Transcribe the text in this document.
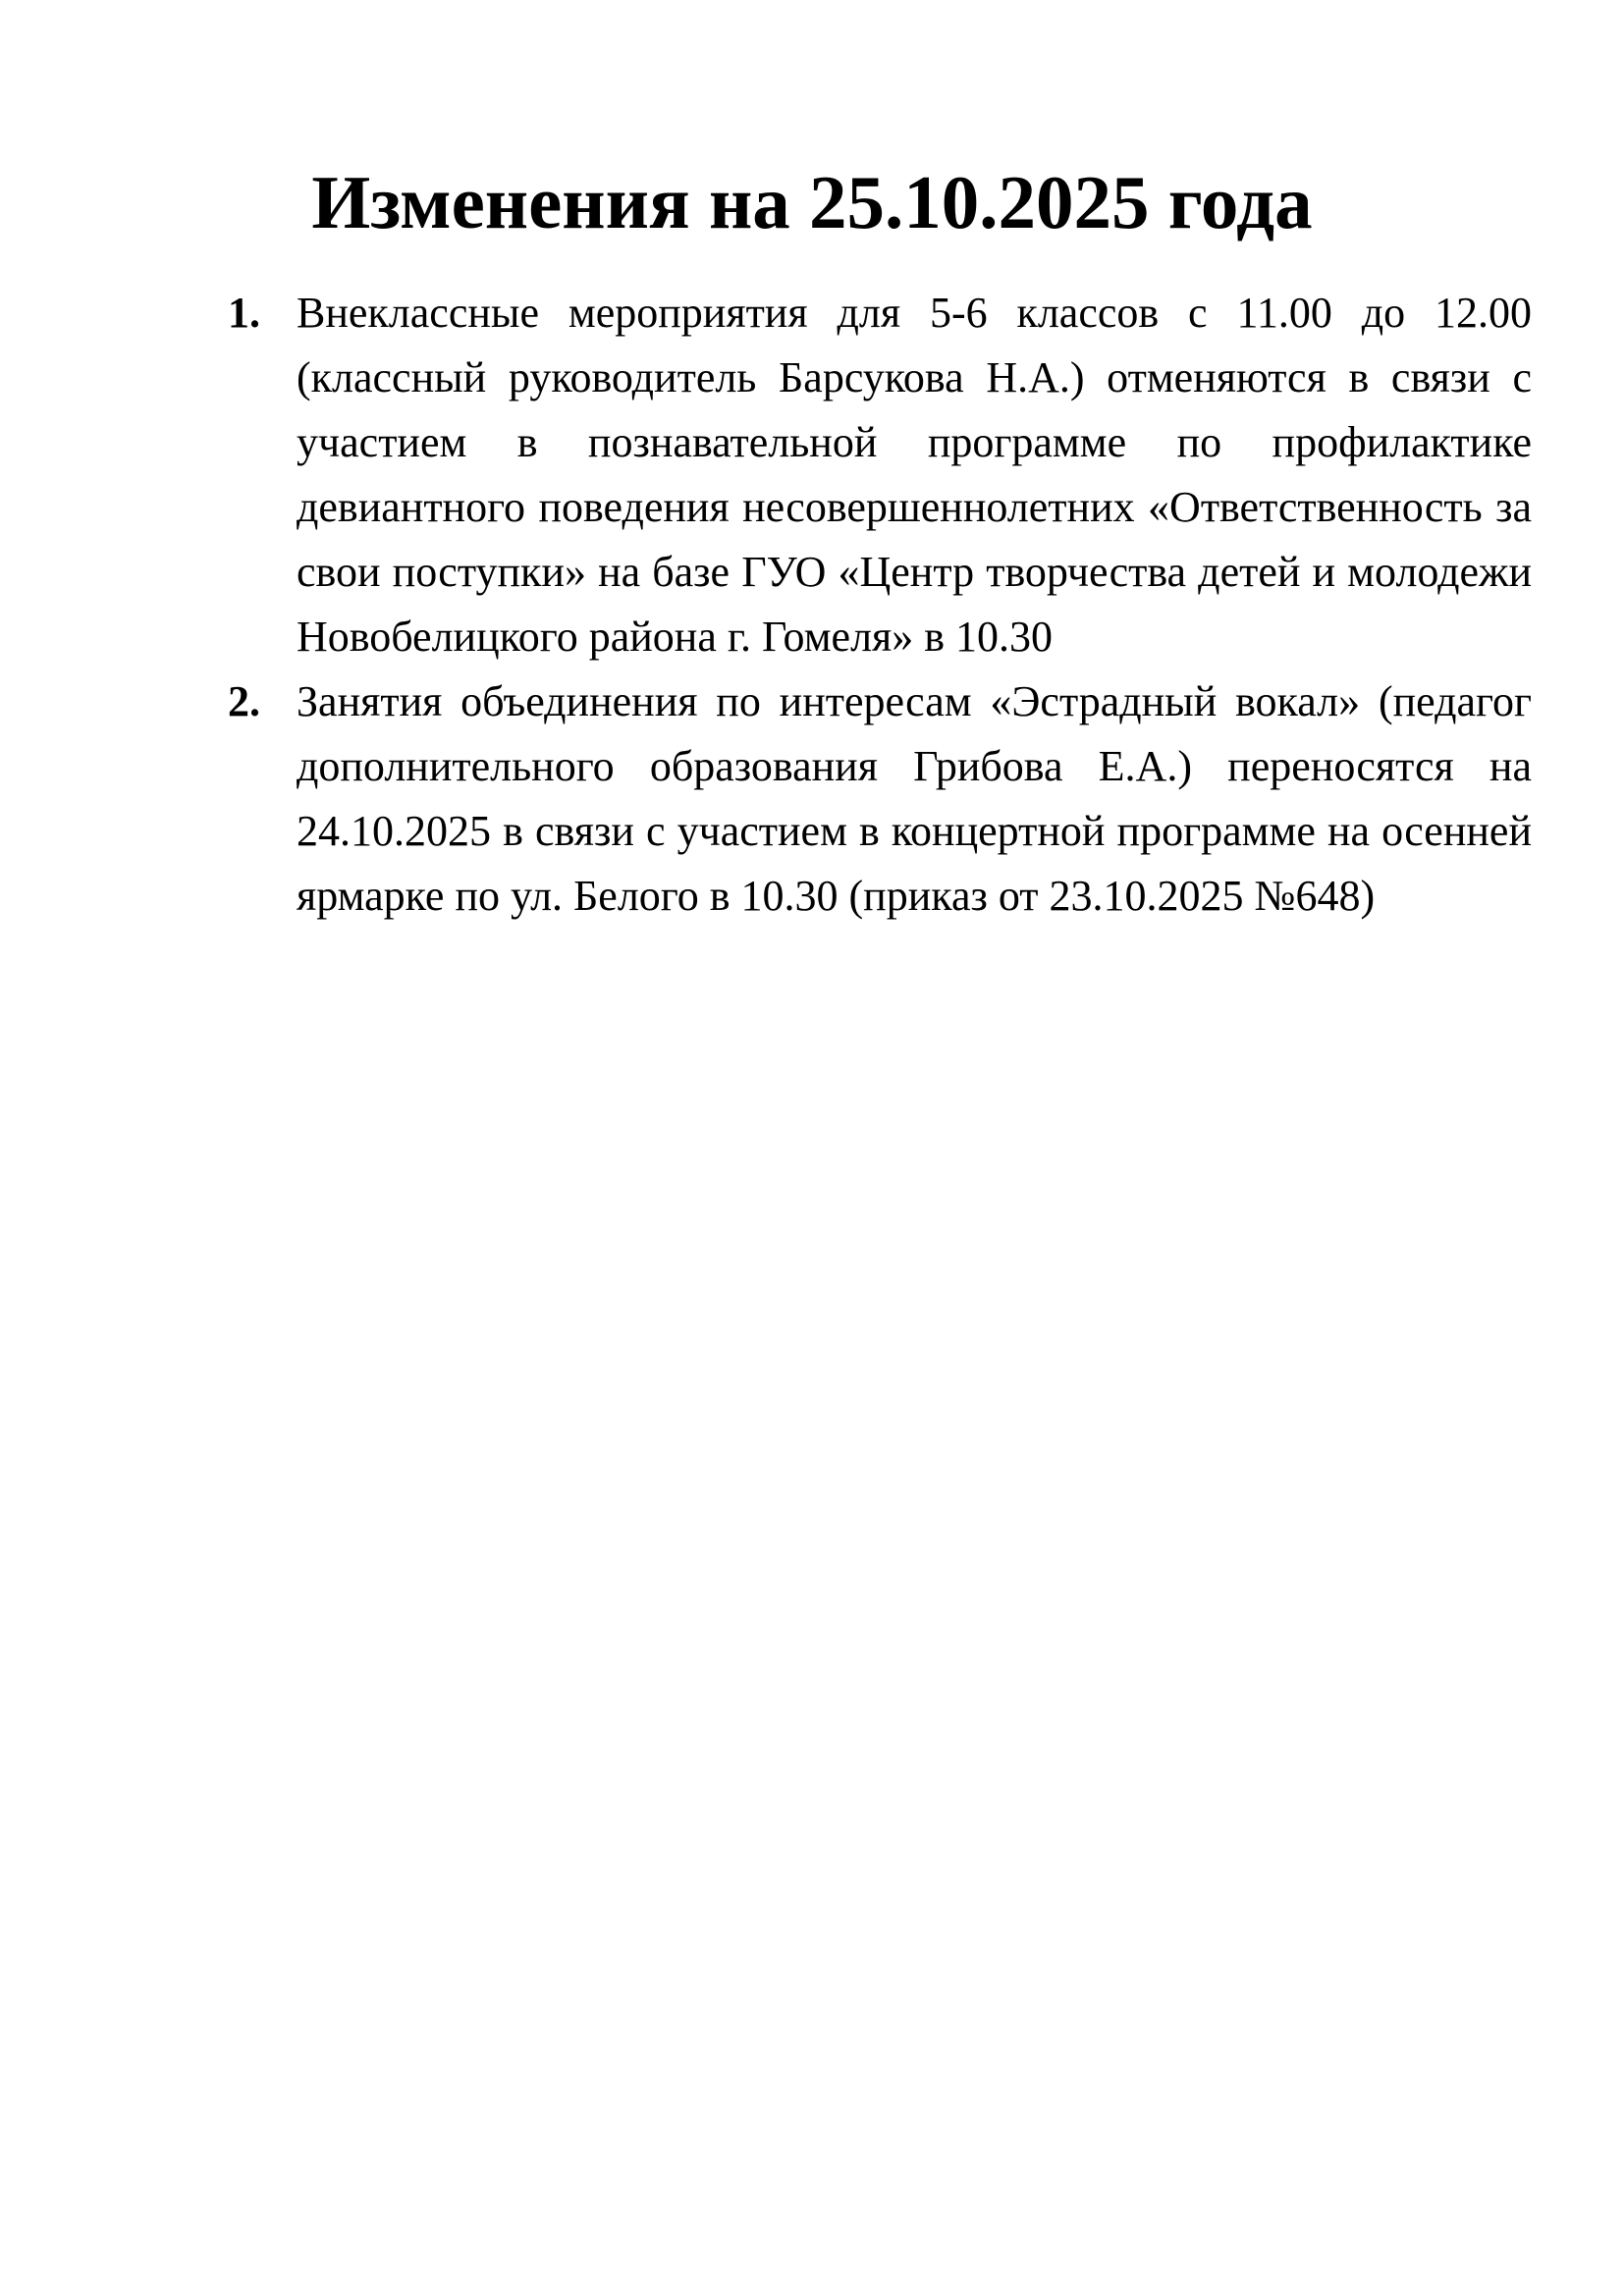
Изменения на 25.10.2025 года
1. Внеклассные мероприятия для 5-6 классов с 11.00 до 12.00 (классный руководитель Барсукова Н.А.) отменяются в связи с участием в познавательной программе по профилактике девиантного поведения несовершеннолетних «Ответственность за свои поступки» на базе ГУО «Центр творчества детей и молодежи Новобелицкого района г. Гомеля» в 10.30
2. Занятия объединения по интересам «Эстрадный вокал» (педагог дополнительного образования Грибова Е.А.) переносятся на 24.10.2025 в связи с участием в концертной программе на осенней ярмарке по ул. Белого в 10.30 (приказ от 23.10.2025 №648)
